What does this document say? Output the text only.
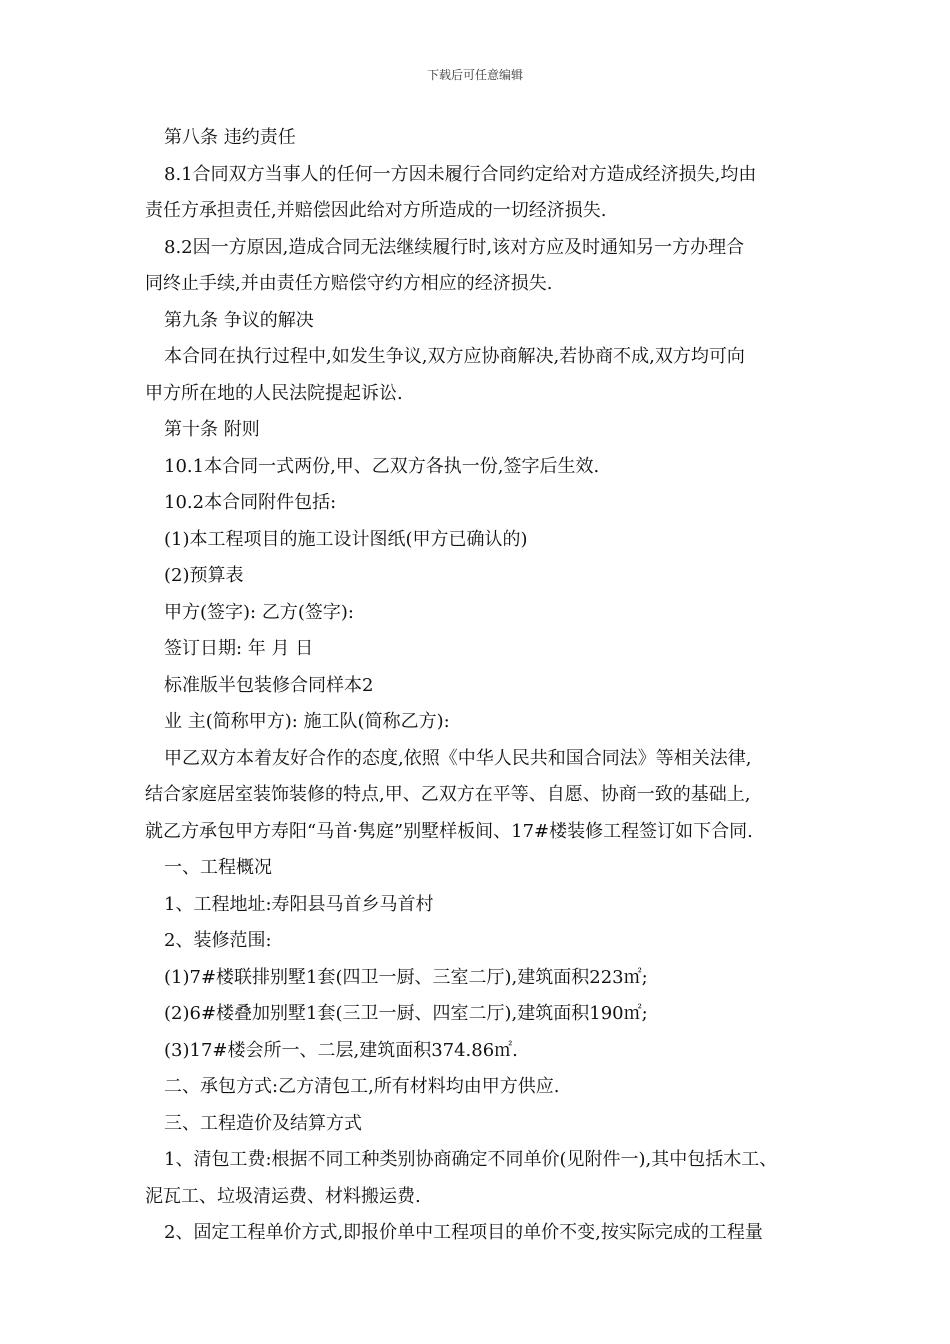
下载后可任意编辑
第八条 违约责任
8.1合同双方当事人的任何一方因未履行合同约定给对方造成经济损失,均由
责任方承担责任,并赔偿因此给对方所造成的一切经济损失.
8.2因一方原因,造成合同无法继续履行时,该对方应及时通知另一方办理合
同终止手续,并由责任方赔偿守约方相应的经济损失.
第九条 争议的解决
本合同在执行过程中,如发生争议,双方应协商解决,若协商不成,双方均可向
甲方所在地的人民法院提起诉讼.
第十条 附则
10.1本合同一式两份,甲、乙双方各执一份,签字后生效.
10.2本合同附件包括:
(1)本工程项目的施工设计图纸(甲方已确认的)
(2)预算表
甲方(签字): 乙方(签字):
签订日期: 年 月 日
标准版半包装修合同样本2
业 主(简称甲方): 施工队(简称乙方):
甲乙双方本着友好合作的态度,依照《中华人民共和国合同法》等相关法律,
结合家庭居室装饰装修的特点,甲、乙双方在平等、自愿、协商一致的基础上,
就乙方承包甲方寿阳“马首·隽庭”别墅样板间、17#楼装修工程签订如下合同.
一、工程概况
1、工程地址:寿阳县马首乡马首村
2、装修范围:
(1)7#楼联排别墅1套(四卫一厨、三室二厅),建筑面积223㎡;
(2)6#楼叠加别墅1套(三卫一厨、四室二厅),建筑面积190㎡;
(3)17#楼会所一、二层,建筑面积374.86㎡.
二、承包方式:乙方清包工,所有材料均由甲方供应.
三、工程造价及结算方式
1、清包工费:根据不同工种类别协商确定不同单价(见附件一),其中包括木工、
泥瓦工、垃圾清运费、材料搬运费.
2、固定工程单价方式,即报价单中工程项目的单价不变,按实际完成的工程量
